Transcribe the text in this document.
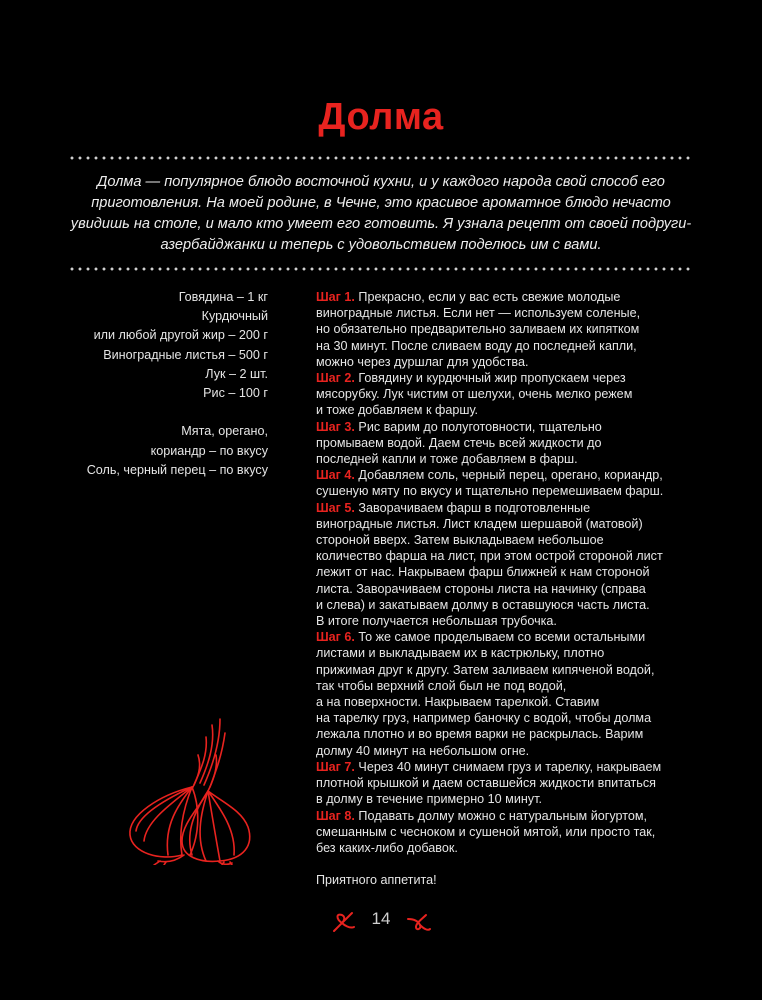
Долма

Долма — популярное блюдо восточной кухни, и у каждого народа свой способ его приготовления. На моей родине, в Чечне, это красивое ароматное блюдо нечасто увидишь на столе, и мало кто умеет его готовить. Я узнала рецепт от своей подруги-азербайджанки и теперь с удовольствием поделюсь им с вами.

Говядина – 1 кг
Курдючный
или любой другой жир – 200 г
Виноградные листья – 500 г
Лук – 2 шт.
Рис – 100 г
Мята, орегано,
кориандр – по вкусу
Соль, черный перец – по вкусу
Шаг 1. Прекрасно, если у вас есть свежие молодые
виноградные листья. Если нет — используем соленые,
но обязательно предварительно заливаем их кипятком
на 30 минут. После сливаем воду до последней капли,
можно через дуршлаг для удобства.
Шаг 2. Говядину и курдючный жир пропускаем через
мясорубку. Лук чистим от шелухи, очень мелко режем
и тоже добавляем к фаршу.
Шаг 3. Рис варим до полуготовности, тщательно
промываем водой. Даем стечь всей жидкости до
последней капли и тоже добавляем в фарш.
Шаг 4. Добавляем соль, черный перец, орегано, кориандр,
сушеную мяту по вкусу и тщательно перемешиваем фарш.
Шаг 5. Заворачиваем фарш в подготовленные
виноградные листья. Лист кладем шершавой (матовой)
стороной вверх. Затем выкладываем небольшое
количество фарша на лист, при этом острой стороной лист
лежит от нас. Накрываем фарш ближней к нам стороной
листа. Заворачиваем стороны листа на начинку (справа
и слева) и закатываем долму в оставшуюся часть листа.
В итоге получается небольшая трубочка.
Шаг 6. То же самое проделываем со всеми остальными
листами и выкладываем их в кастрюльку, плотно
прижимая друг к другу. Затем заливаем кипяченой водой,
так чтобы верхний слой был не под водой,
а на поверхности. Накрываем тарелкой. Ставим
на тарелку груз, например баночку с водой, чтобы долма
лежала плотно и во время варки не раскрылась. Варим
долму 40 минут на небольшом огне.
Шаг 7. Через 40 минут снимаем груз и тарелку, накрываем
плотной крышкой и даем оставшейся жидкости впитаться
в долму в течение примерно 10 минут.
Шаг 8. Подавать долму можно с натуральным йогуртом,
смешанным с чесноком и сушеной мятой, или просто так,
без каких-либо добавок.
Приятного аппетита!
14
